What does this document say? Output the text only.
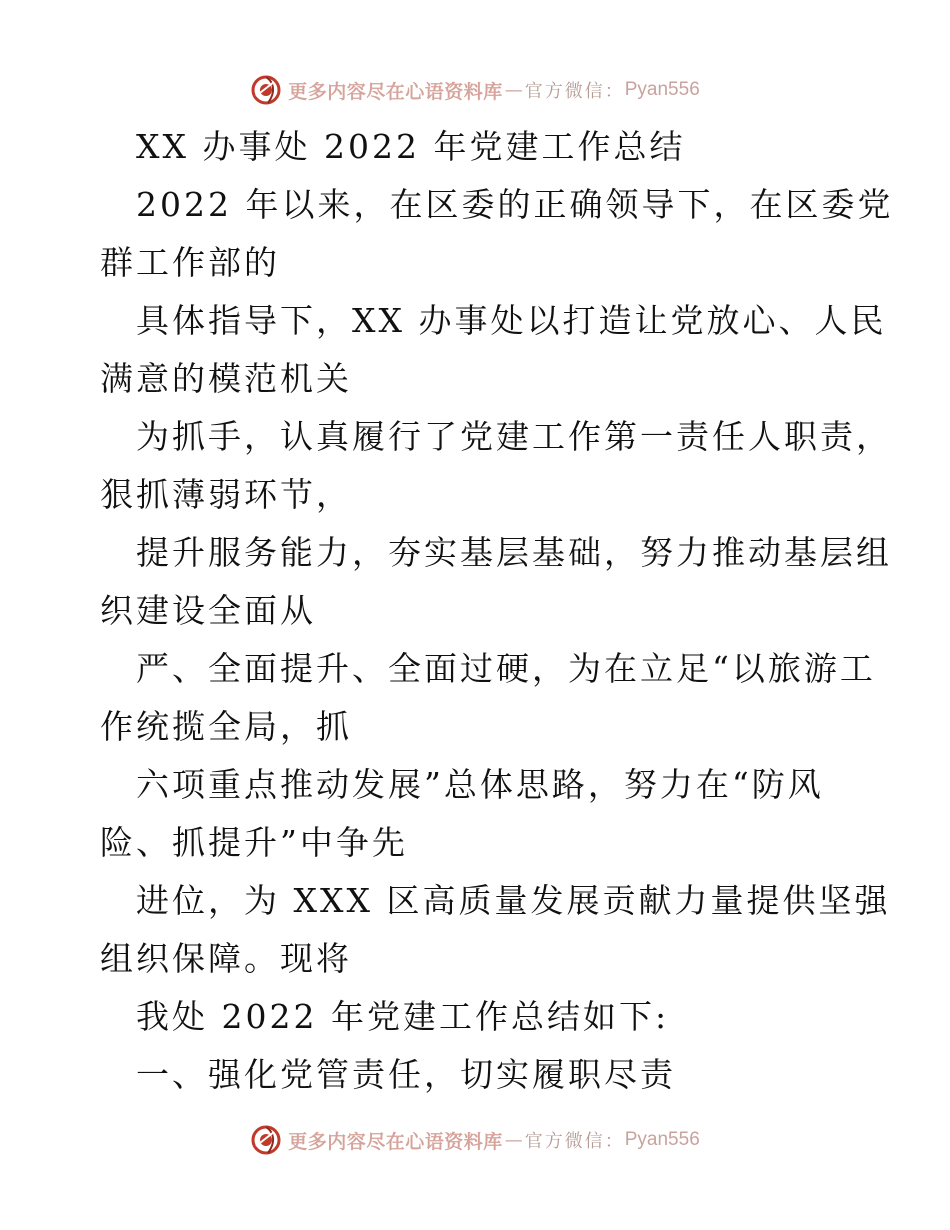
更多内容尽在心语资料库 — 官方微信： Pyan556
XX 办事处 2022 年党建工作总结
2022 年以来，在区委的正确领导下，在区委党
群工作部的
具体指导下，XX 办事处以打造让党放心、人民
满意的模范机关
为抓手，认真履行了党建工作第一责任人职责，
狠抓薄弱环节，
提升服务能力，夯实基层基础，努力推动基层组
织建设全面从
严、全面提升、全面过硬，为在立足“以旅游工
作统揽全局，抓
六项重点推动发展”总体思路，努力在“防风
险、抓提升”中争先
进位，为 XXX 区高质量发展贡献力量提供坚强
组织保障。现将
我处 2022 年党建工作总结如下:
一、强化党管责任，切实履职尽责
更多内容尽在心语资料库 — 官方微信： Pyan556
